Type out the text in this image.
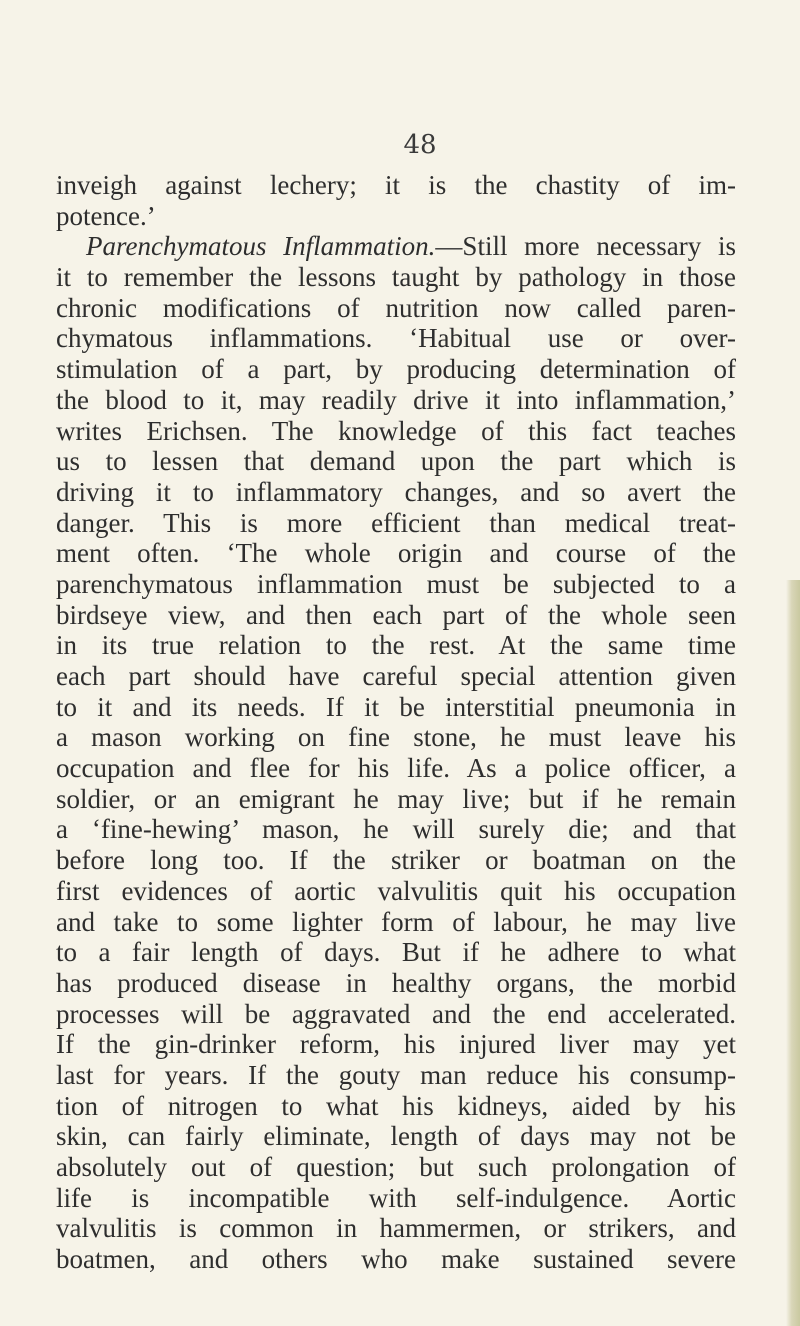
48
inveigh against lechery; it is the chastity of im-
potence.’
Parenchymatous Inflammation.—Still more necessary is
it to remember the lessons taught by pathology in those
chronic modifications of nutrition now called paren-
chymatous inflammations. ‘Habitual use or over-
stimulation of a part, by producing determination of
the blood to it, may readily drive it into inflammation,’
writes Erichsen. The knowledge of this fact teaches
us to lessen that demand upon the part which is
driving it to inflammatory changes, and so avert the
danger. This is more efficient than medical treat-
ment often. ‘The whole origin and course of the
parenchymatous inflammation must be subjected to a
birdseye view, and then each part of the whole seen
in its true relation to the rest. At the same time
each part should have careful special attention given
to it and its needs. If it be interstitial pneumonia in
a mason working on fine stone, he must leave his
occupation and flee for his life. As a police officer, a
soldier, or an emigrant he may live; but if he remain
a ‘fine-hewing’ mason, he will surely die; and that
before long too. If the striker or boatman on the
first evidences of aortic valvulitis quit his occupation
and take to some lighter form of labour, he may live
to a fair length of days. But if he adhere to what
has produced disease in healthy organs, the morbid
processes will be aggravated and the end accelerated.
If the gin-drinker reform, his injured liver may yet
last for years. If the gouty man reduce his consump-
tion of nitrogen to what his kidneys, aided by his
skin, can fairly eliminate, length of days may not be
absolutely out of question; but such prolongation of
life is incompatible with self-indulgence. Aortic
valvulitis is common in hammermen, or strikers, and
boatmen, and others who make sustained severe
